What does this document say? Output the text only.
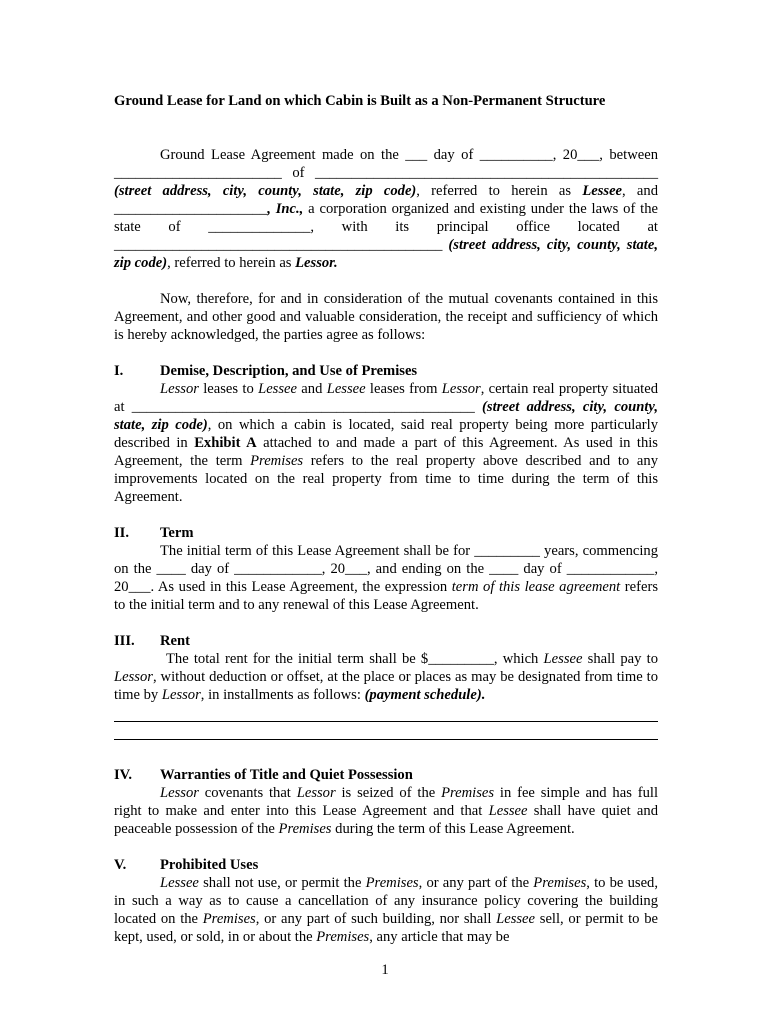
Ground Lease for Land on which Cabin is Built as a Non-Permanent Structure

Ground Lease Agreement made on the ___ day of __________, 20___, between _______________________ of _______________________________________________ (street address, city, county, state, zip code), referred to herein as Lessee, and _____________________, Inc., a corporation organized and existing under the laws of the state of ______________, with its principal office located at _____________________________________________ (street address, city, county, state, zip code), referred to herein as Lessor.

Now, therefore, for and in consideration of the mutual covenants contained in this Agreement, and other good and valuable consideration, the receipt and sufficiency of which is hereby acknowledged, the parties agree as follows:

I.	Demise, Description, and Use of Premises

Lessor leases to Lessee and Lessee leases from Lessor, certain real property situated at _______________________________________________ (street address, city, county, state, zip code), on which a cabin is located, said real property being more particularly described in Exhibit A attached to and made a part of this Agreement. As used in this Agreement, the term Premises refers to the real property above described and to any improvements located on the real property from time to time during the term of this Agreement.

II.	Term

The initial term of this Lease Agreement shall be for _________ years, commencing on the ____ day of ____________, 20___, and ending on the ____ day of ____________, 20___. As used in this Lease Agreement, the expression term of this lease agreement refers to the initial term and to any renewal of this Lease Agreement.

III.	Rent

The total rent for the initial term shall be $_________, which Lessee shall pay to Lessor, without deduction or offset, at the place or places as may be designated from time to time by Lessor, in installments as follows: (payment schedule).

IV.	Warranties of Title and Quiet Possession

Lessor covenants that Lessor is seized of the Premises in fee simple and has full right to make and enter into this Lease Agreement and that Lessee shall have quiet and peaceable possession of the Premises during the term of this Lease Agreement.

V.	Prohibited Uses

Lessee shall not use, or permit the Premises, or any part of the Premises, to be used, in such a way as to cause a cancellation of any insurance policy covering the building located on the Premises, or any part of such building, nor shall Lessee sell, or permit to be kept, used, or sold, in or about the Premises, any article that may be

1
